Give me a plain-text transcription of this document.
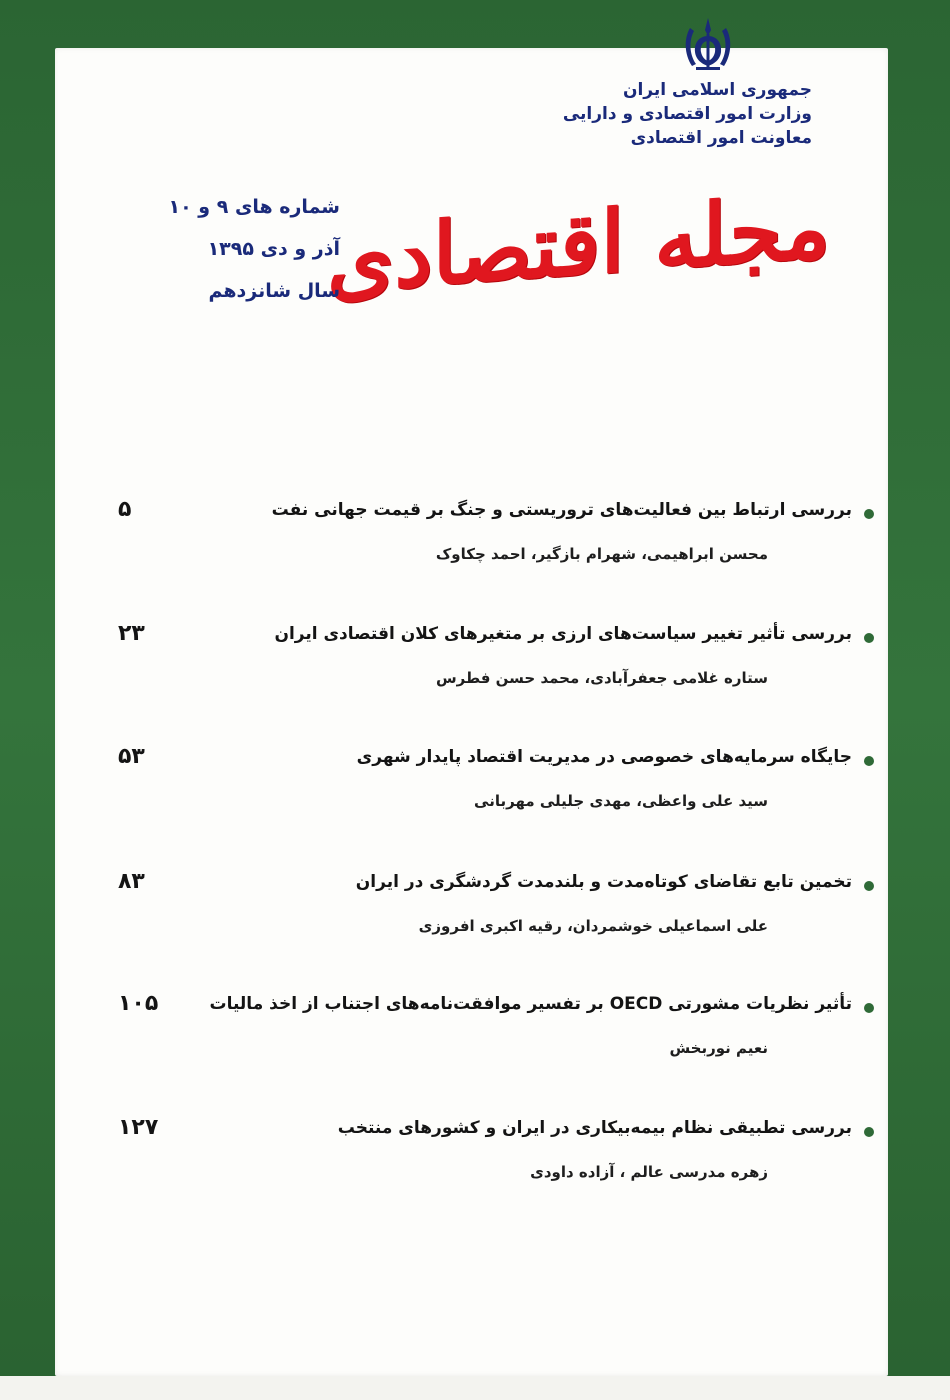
جمهوری اسلامی ایران
وزارت امور اقتصادی و دارایی
معاونت امور اقتصادی
مجله اقتصادی
شماره های ۹ و ۱۰
آذر و دی ۱۳۹۵
سال شانزدهم
بررسی ارتباط بین فعالیت‌های تروریستی و جنگ بر قیمت جهانی نفت
محسن ابراهیمی، شهرام بازگیر، احمد چکاوک
۵
بررسی تأثیر تغییر سیاست‌های ارزی بر متغیرهای کلان اقتصادی ایران
ستاره غلامی جعفرآبادی، محمد حسن فطرس
۲۳
جایگاه سرمایه‌های خصوصی در مدیریت اقتصاد پایدار شهری
سید علی واعظی، مهدی جلیلی مهربانی
۵۳
تخمین تابع تقاضای کوتاه‌مدت و بلندمدت گردشگری در ایران
علی اسماعیلی خوشمردان، رقیه اکبری افروزی
۸۳
تأثیر نظریات مشورتی OECD بر تفسیر موافقت‌نامه‌های اجتناب از اخذ مالیات
نعیم نوربخش
۱۰۵
بررسی تطبیقی نظام بیمه‌بیکاری در ایران و کشورهای منتخب
زهره مدرسی عالم ، آزاده داودی
۱۲۷
